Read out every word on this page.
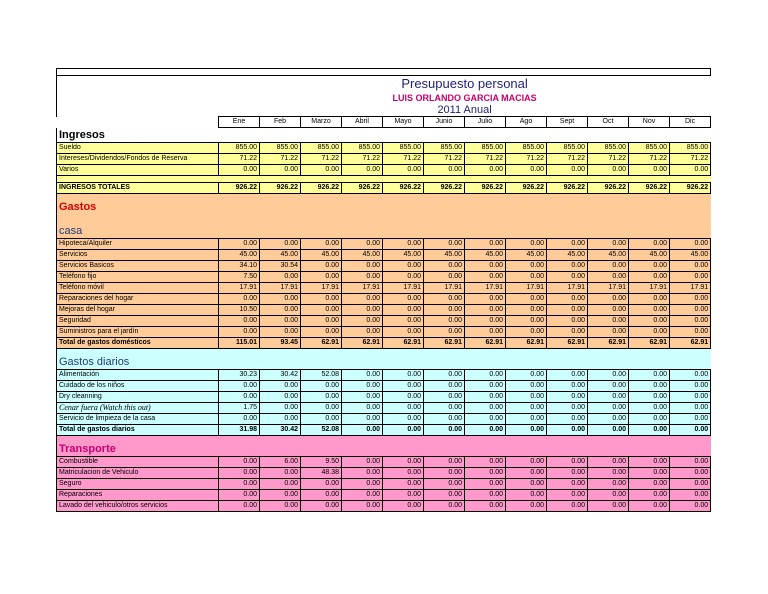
	Presupuesto personal											
	LUIS ORLANDO GARCIA MACIAS											
	2011 Anual											
	Ene	Feb	Marzo	Abril	Mayo	Junio	Julio	Ago	Sept	Oct	Nov	Dic
Ingresos												
Sueldo	855.00	855.00	855.00	855.00	855.00	855.00	855.00	855.00	855.00	855.00	855.00	855.00
Intereses/Dividendos/Fondos de Reserva	71.22	71.22	71.22	71.22	71.22	71.22	71.22	71.22	71.22	71.22	71.22	71.22
Varios	0.00	0.00	0.00	0.00	0.00	0.00	0.00	0.00	0.00	0.00	0.00	0.00

INGRESOS TOTALES	926.22	926.22	926.22	926.22	926.22	926.22	926.22	926.22	926.22	926.22	926.22	926.22

Gastos												

casa												
Hipoteca/Alquiler	0.00	0.00	0.00	0.00	0.00	0.00	0.00	0.00	0.00	0.00	0.00	0.00
Servicios	45.00	45.00	45.00	45.00	45.00	45.00	45.00	45.00	45.00	45.00	45.00	45.00
Servicios Basicos	34.10	30.54	0.00	0.00	0.00	0.00	0.00	0.00	0.00	0.00	0.00	0.00
Teléfono fijo	7.50	0.00	0.00	0.00	0.00	0.00	0.00	0.00	0.00	0.00	0.00	0.00
Teléfono móvil	17.91	17.91	17.91	17.91	17.91	17.91	17.91	17.91	17.91	17.91	17.91	17.91
Reparaciones del hogar	0.00	0.00	0.00	0.00	0.00	0.00	0.00	0.00	0.00	0.00	0.00	0.00
Mejoras del hogar	10.50	0.00	0.00	0.00	0.00	0.00	0.00	0.00	0.00	0.00	0.00	0.00
Seguridad	0.00	0.00	0.00	0.00	0.00	0.00	0.00	0.00	0.00	0.00	0.00	0.00
Suministros para el jardín	0.00	0.00	0.00	0.00	0.00	0.00	0.00	0.00	0.00	0.00	0.00	0.00
Total de gastos domésticos	115.01	93.45	62.91	62.91	62.91	62.91	62.91	62.91	62.91	62.91	62.91	62.91

Gastos diarios												
Alimentación	30.23	30.42	52.08	0.00	0.00	0.00	0.00	0.00	0.00	0.00	0.00	0.00
Cuidado de los niños	0.00	0.00	0.00	0.00	0.00	0.00	0.00	0.00	0.00	0.00	0.00	0.00
Dry cleanning	0.00	0.00	0.00	0.00	0.00	0.00	0.00	0.00	0.00	0.00	0.00	0.00
Cenar fuera (Watch this out)	1.75	0.00	0.00	0.00	0.00	0.00	0.00	0.00	0.00	0.00	0.00	0.00
Servicio de limpieza de la casa	0.00	0.00	0.00	0.00	0.00	0.00	0.00	0.00	0.00	0.00	0.00	0.00
Total de gastos diarios	31.98	30.42	52.08	0.00	0.00	0.00	0.00	0.00	0.00	0.00	0.00	0.00

Transporte												
Combustible	0.00	6.00	9.50	0.00	0.00	0.00	0.00	0.00	0.00	0.00	0.00	0.00
Matriculacion de Vehiculo	0.00	0.00	48.38	0.00	0.00	0.00	0.00	0.00	0.00	0.00	0.00	0.00
Seguro	0.00	0.00	0.00	0.00	0.00	0.00	0.00	0.00	0.00	0.00	0.00	0.00
Reparaciones	0.00	0.00	0.00	0.00	0.00	0.00	0.00	0.00	0.00	0.00	0.00	0.00
Lavado del vehiculo/otros servicios	0.00	0.00	0.00	0.00	0.00	0.00	0.00	0.00	0.00	0.00	0.00	0.00
